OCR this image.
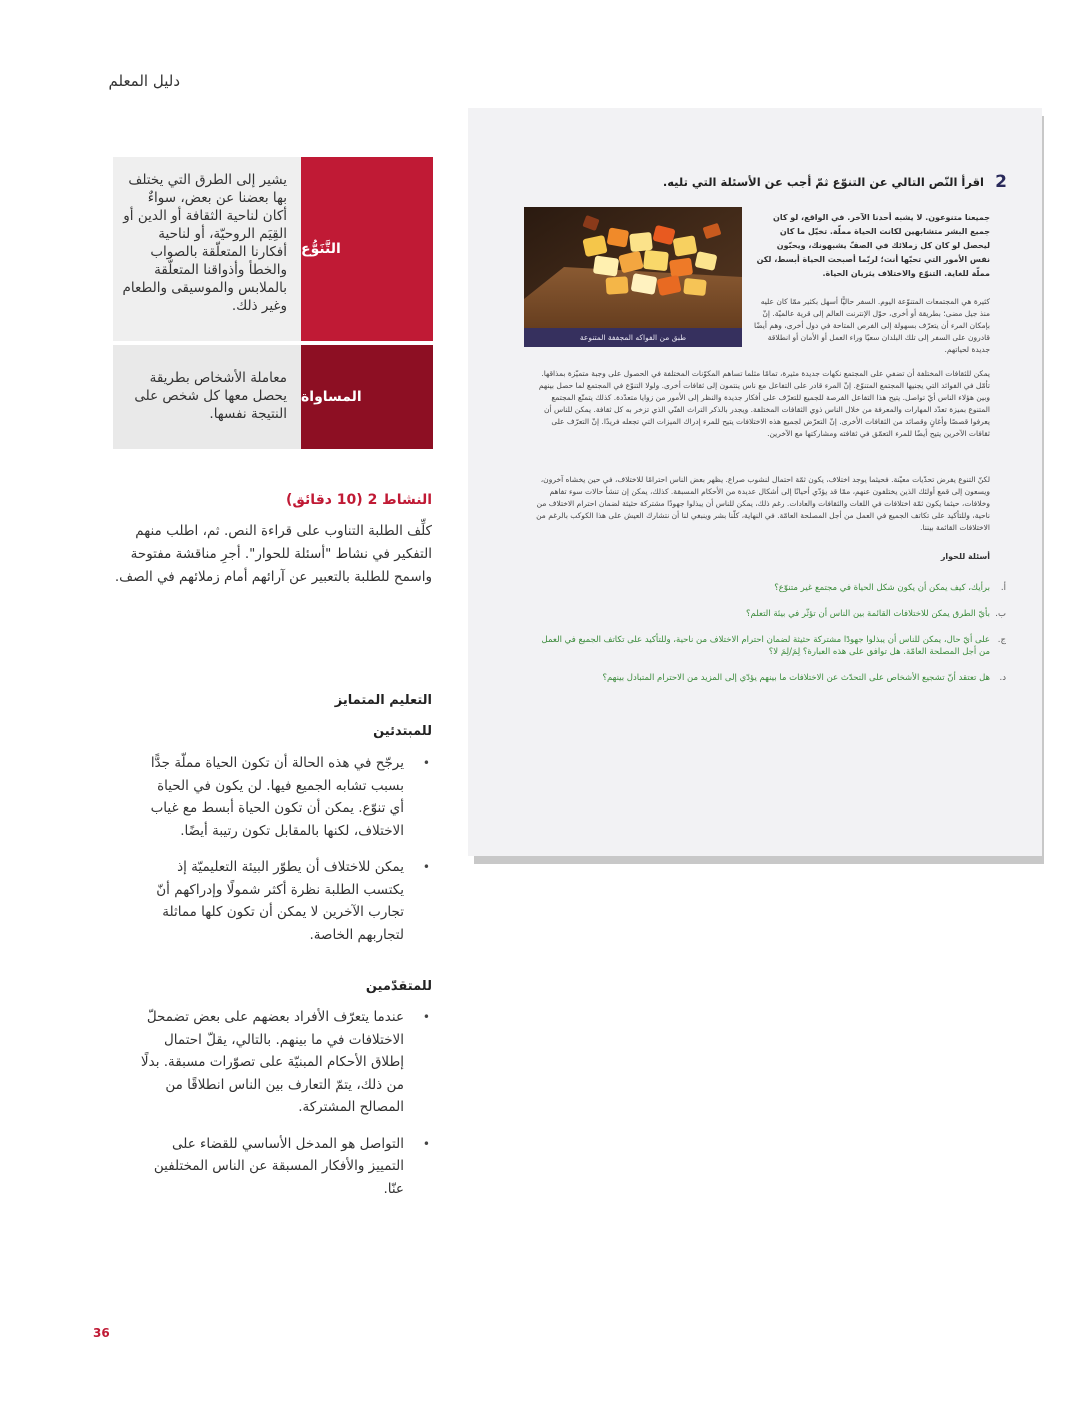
دليل المعلم
التَّنَوُّع
يشير إلى الطرق التي يختلف بها بعضنا عن بعض، سواءٌ أكان لناحية الثقافة أو الدين أو القِيَم الروحيّة، أو لناحية أفكارنا المتعلّقة بالصواب والخطأ وأذواقنا المتعلّقة بالملابس والموسيقى والطعام وغير ذلك.
المساواة
معاملة الأشخاص بطريقة يحصل معها كل شخص على النتيجة نفسها.
النشاط 2 (10 دقائق)
كلِّف الطلبة التناوب على قراءة النص. ثم، اطلب منهم التفكير في نشاط "أسئلة للحوار". أجرِ مناقشة مفتوحة واسمح للطلبة بالتعبير عن آرائهم أمام زملائهم في الصف.
التعليم المتمايز
للمبتدئين
• يرجّح في هذه الحالة أن تكون الحياة مملّة جدًّا بسبب تشابه الجميع فيها. لن يكون في الحياة أي تنوّع. يمكن أن تكون الحياة أبسط مع غياب الاختلاف، لكنها بالمقابل تكون رتيبة أيضًا.
• يمكن للاختلاف أن يطوّر البيئة التعليميّة إذ يكتسب الطلبة نظرة أكثر شمولًا وإدراكهم أنّ تجارب الآخرين لا يمكن أن تكون كلها مماثلة لتجاربهم الخاصة.
للمتقدّمين
• عندما يتعرّف الأفراد بعضهم على بعض تضمحلّ الاختلافات في ما بينهم. بالتالي، يقلّ احتمال إطلاق الأحكام المبنيّة على تصوّرات مسبقة. بدلًا من ذلك، يتمّ التعارف بين الناس انطلاقًا من المصالح المشتركة.
• التواصل هو المدخل الأساسي للقضاء على التمييز والأفكار المسبقة عن الناس المختلفين عنّا.
36
2
اقرأ النّص التالي عن التنوّع ثمّ أجب عن الأسئلة التي تليه.
طبق من الفواكه المجففة المتنوعة
جميعنا متنوعون. لا يشبه أحدنا الآخر. في الواقع، لو كان جميع البشر متشابهين لكانت الحياة مملّة. تخيّل ما كان ليحصل لو كان كل زملائك في الصفّ يشبهونك، ويحبّون نفس الأمور التي تحبّها أنت؛ لربّما أصبحت الحياة أبسط، لكن مملّة للغاية. التنوّع والاختلاف يثريان الحياة.
كثيرة هي المجتمعات المتنوّعة اليوم. السفر حاليًّا أسهل بكثير ممّا كان عليه منذ جيل مضى؛ بطريقة أو أخرى، حوّل الإنترنت العالم إلى قرية عالميّة. إنّ بإمكان المرء أن يتعرّف بسهولة إلى الفرص المتاحة في دول أخرى، وهم أيضًا قادرون على السفر إلى تلك البلدان سعيًا وراء العمل أو الأمان أو انطلاقة جديدة لحياتهم.
يمكن للثقافات المختلفة أن تضفي على المجتمع نكهات جديدة مثيرة، تمامًا مثلما تساهم المكوّنات المختلفة في الحصول على وجبة متميّزة بمذاقها. تأمّل في الفوائد التي يجنيها المجتمع المتنوّع. إنّ المرء قادر على التفاعل مع ناس ينتمون إلى ثقافات أخرى. ولولا التنوّع في المجتمع لما حصل بينهم وبين هؤلاء الناس أيّ تواصل. يتيح هذا التفاعل الفرصة للجميع للتعرّف على أفكار جديدة والنظر إلى الأمور من زوايا متعدّدة. كذلك يتمتّع المجتمع المتنوع بميزة تعدّد المهارات والمعرفة من خلال الناس ذوي الثقافات المختلفة. ويجدر بالذكر التراث الفنّي الذي تزخر به كل ثقافة. يمكن للناس أن يعرفوا قصصًا وأغانٍ وقصائد من الثقافات الأخرى. إنّ التعرّض لجميع هذه الاختلافات يتيح للمرء إدراك الميزات التي تجعله فريدًا. إنّ التعرّف على ثقافات الآخرين يتيح أيضًا للمرء التعمّق في ثقافته ومشاركتها مع الآخرين.
لكنّ التنوع يفرض تحدّيات معيّنة. فحيثما يوجد اختلاف، يكون ثمّة احتمال لنشوب صراع. يظهر بعض الناس احترامًا للاختلاف، في حين يخشاه آخرون، ويسعون إلى قمع أولئك الذين يختلفون عنهم، ممّا قد يؤدّي أحيانًا إلى أشكال عديدة من الأحكام المسبقة. كذلك، يمكن إن تنشأ حالات سوء تفاهم وخلافات، حيثما يكون ثمّة اختلافات في اللغات والثقافات والعادات. رغم ذلك، يمكن للناس أن يبذلوا جهودًا مشتركة حثيثة لضمان احترام الاختلاف من ناحية، وللتأكيد على تكاتف الجميع في العمل من أجل المصلحة العامّة. في النهاية، كلّنا بشر وينبغي لنا أن نتشارك العيش على هذا الكوكب بالرغم من الاختلافات القائمة بيننا.
أسئلة للحوار
أ.
برأيك، كيف يمكن أن يكون شكل الحياة في مجتمع غير متنوّع؟
ب.
بأيّ الطرق يمكن للاختلافات القائمة بين الناس أن تؤثّر في بيئة التعلم؟
ج.
على أيّ حال، يمكن للناس أن يبذلوا جهودًا مشتركة حثيثة لضمان احترام الاختلاف من ناحية، وللتأكيد على تكاتف الجميع في العمل من أجل المصلحة العامّة. هل توافق على هذه العبارة؟ لِمَ/لِمَ لا؟
د.
هل تعتقد أنّ تشجيع الأشخاص على التحدّث عن الاختلافات ما بينهم يؤدّي إلى المزيد من الاحترام المتبادل بينهم؟
